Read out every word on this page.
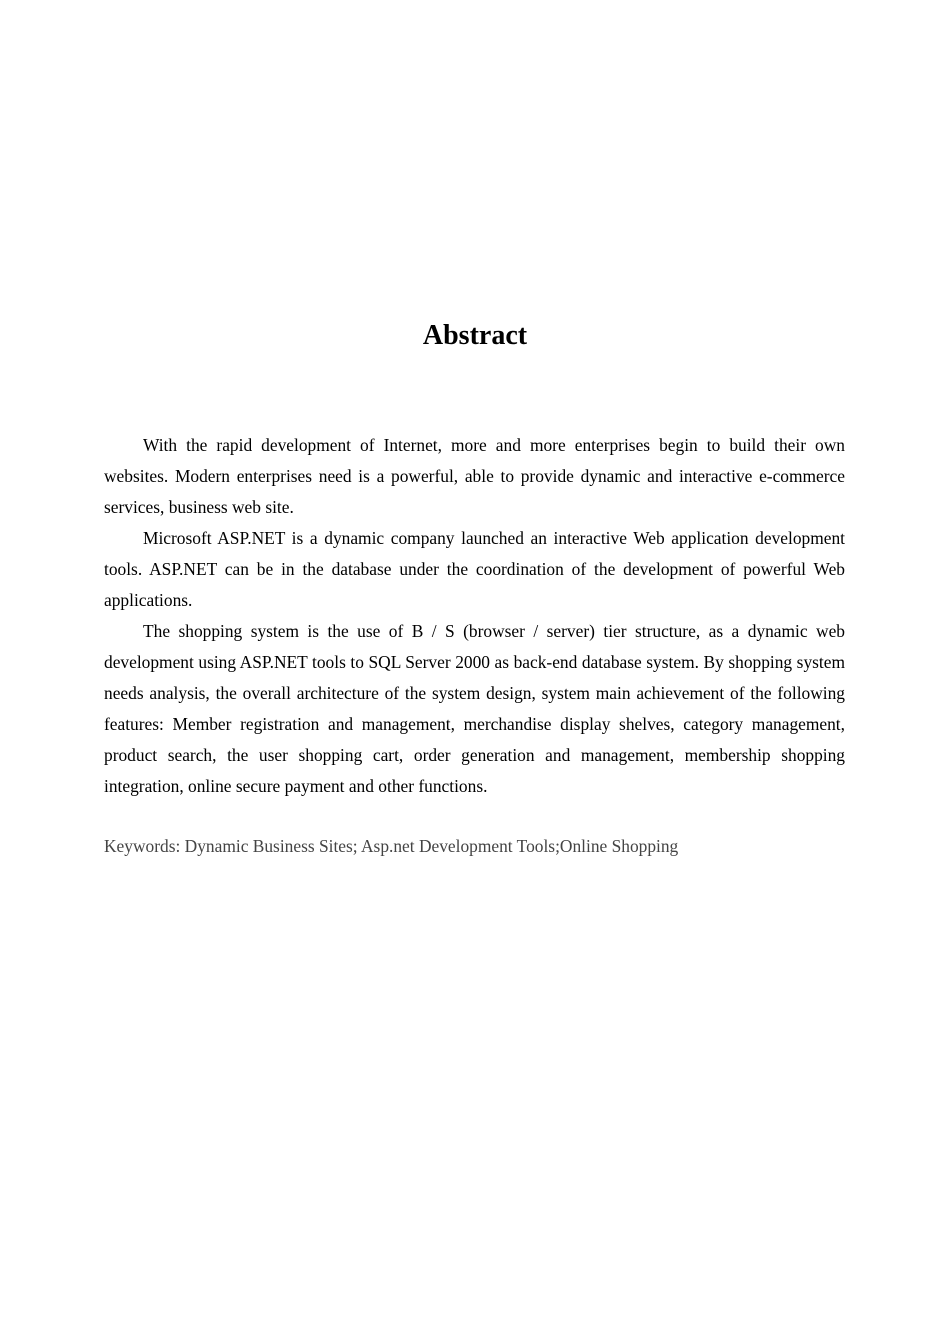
Abstract

With the rapid development of Internet, more and more enterprises begin to build their own websites. Modern enterprises need is a powerful, able to provide dynamic and interactive e-commerce services, business web site.

Microsoft ASP.NET is a dynamic company launched an interactive Web application development tools. ASP.NET can be in the database under the coordination of the development of powerful Web applications.

The shopping system is the use of B / S (browser / server) tier structure, as a dynamic web development using ASP.NET tools to SQL Server 2000 as back-end database system. By shopping system needs analysis, the overall architecture of the system design, system main achievement of the following features: Member registration and management, merchandise display shelves, category management, product search, the user shopping cart, order generation and management, membership shopping integration, online secure payment and other functions.

Keywords: Dynamic Business Sites; Asp.net Development Tools;Online Shopping
